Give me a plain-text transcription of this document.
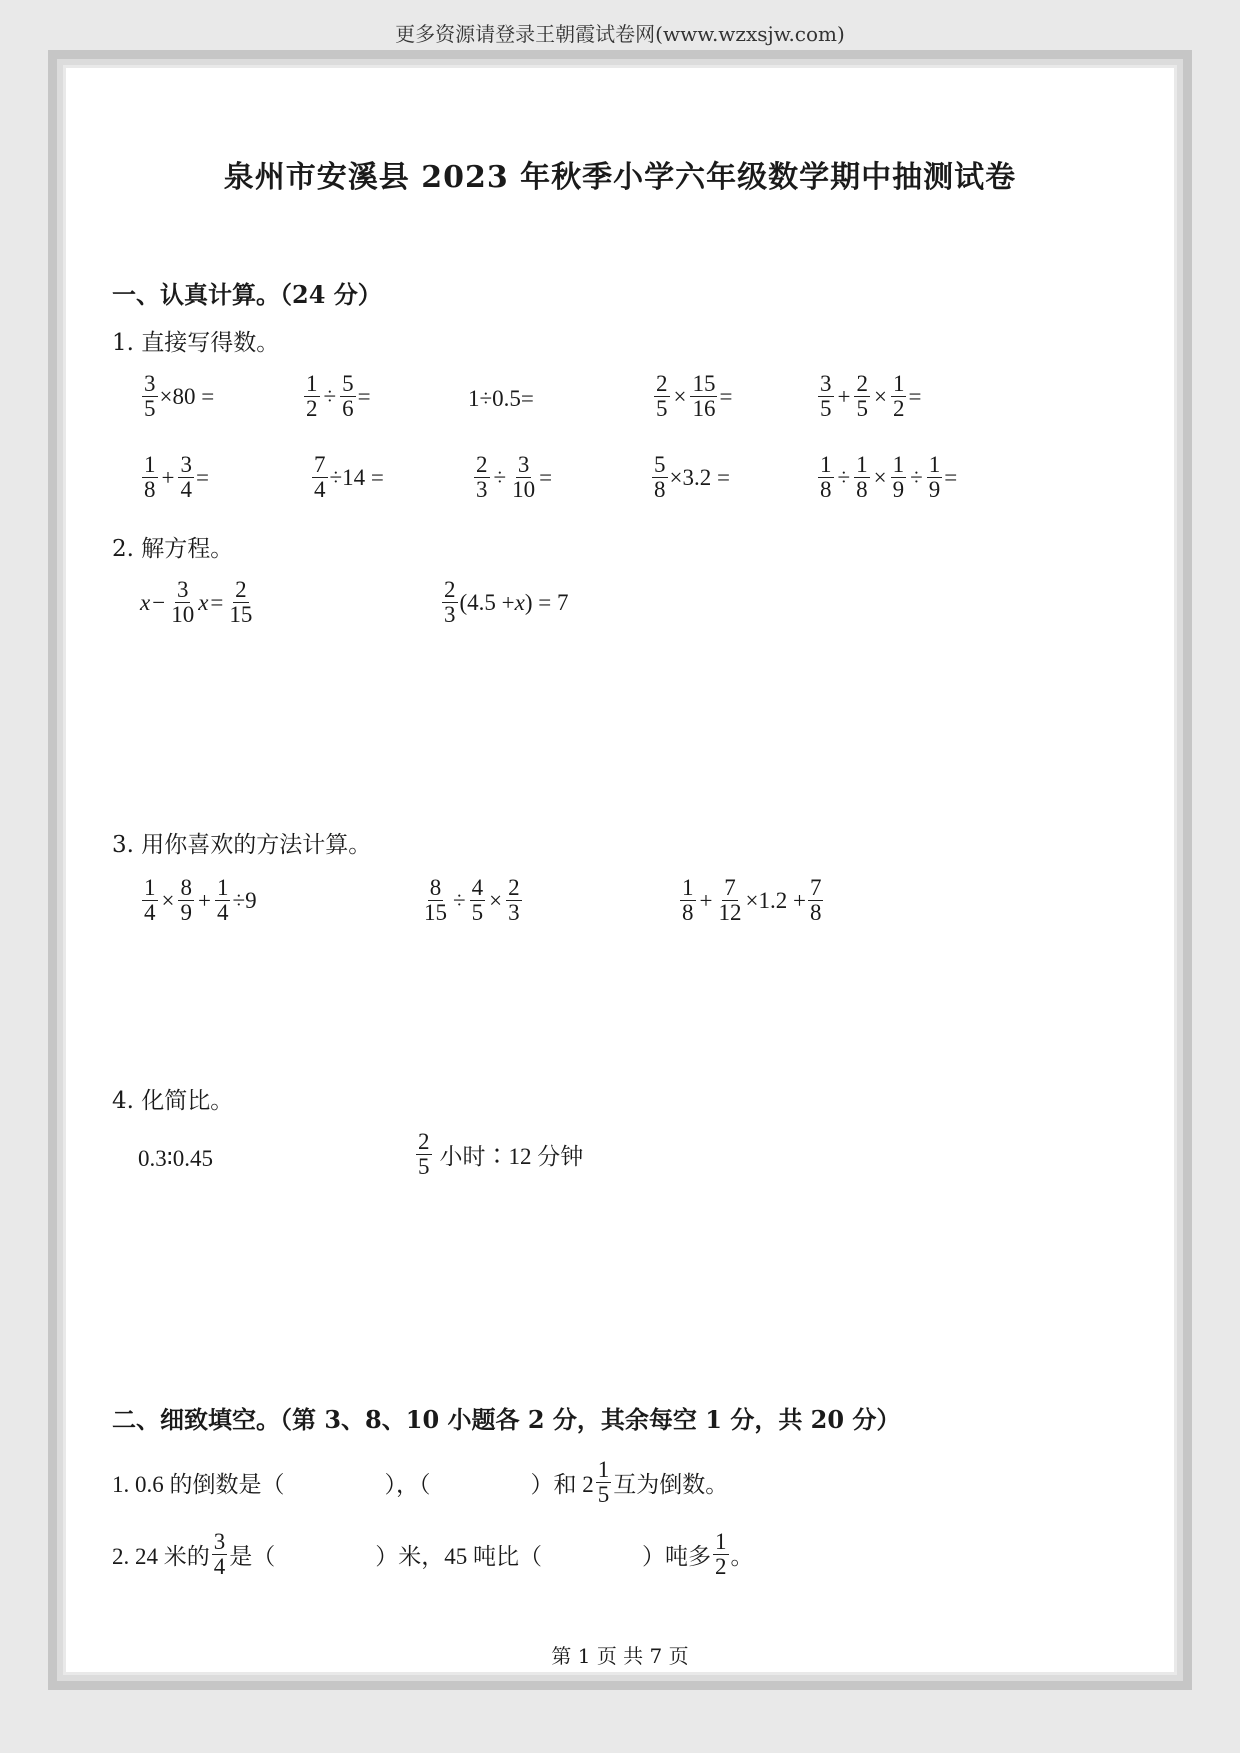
更多资源请登录王朝霞试卷网(www.wzxsjw.com)
泉州市安溪县 2023 年秋季小学六年级数学期中抽测试卷
一、认真计算。（24 分）
1. 直接写得数。
$\frac{3}{5} \times 80$ =	$\frac{1}{2} \div \frac{5}{6}$ =	1÷0.5=	$\frac{2}{5} \times \frac{15}{16}$ =	$\frac{3}{5} + \frac{2}{5} \times \frac{1}{2}$ =
$\frac{1}{8} + \frac{3}{4}$ =	$\frac{7}{4} \div 14$ =	$\frac{2}{3} \div \frac{3}{10}$ =	$\frac{5}{8} \times 3.2$ =	$\frac{1}{8} \div \frac{1}{8} \times \frac{1}{9} \div \frac{1}{9}$ =
2. 解方程。
$x - \frac{3}{10}$ $x = \frac{2}{15}$	$\frac{2}{3} (4.5 + x$ ) = 7
3. 用你喜欢的方法计算。
$\frac{1}{4} \times \frac{8}{9} + \frac{1}{4} \div 9$	$\frac{8}{15} \div \frac{4}{5} \times \frac{2}{3}$	$\frac{1}{8} + \frac{7}{12} \times 1.2 + \frac{7}{8}$
4. 化简比。
0.3∶0.45	$\frac{2}{5}$ 小时∶12 分钟
二、细致填空。（第 3、8、10 小题各 2 分，其余每空 1 分，共 20 分）
1. 0.6 的倒数是（	），（	）和 $2 \frac{1}{5}$ 互为倒数。
2. 24 米的 $\frac{3}{4}$ 是（	）米，45 吨比（	）吨多 $\frac{1}{2}$ 。
第 1 页 共 7 页
